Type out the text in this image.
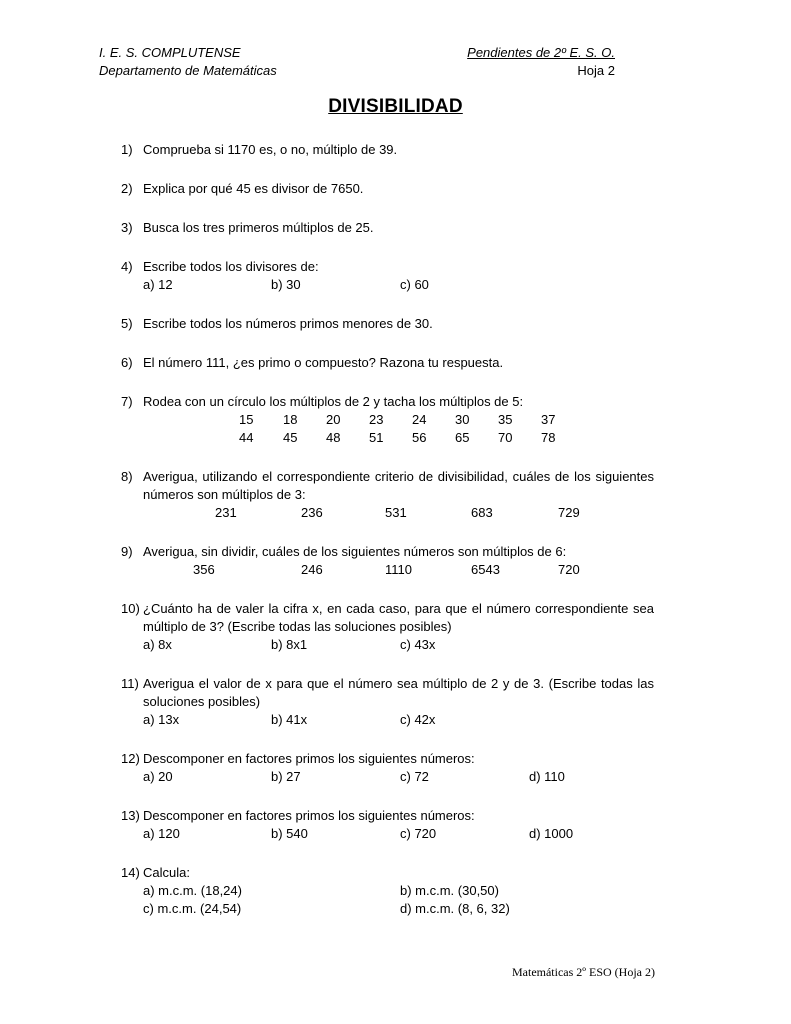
I. E. S. COMPLUTENSE
Departamento de Matemáticas
Pendientes de 2º E. S. O.
Hoja 2
DIVISIBILIDAD
1) Comprueba si 1170 es, o no, múltiplo de 39.
2) Explica por qué 45 es divisor de 7650.
3) Busca los tres primeros múltiplos de 25.
4) Escribe todos los divisores de:
a) 12	b) 30	c) 60
5) Escribe todos los números primos menores de 30.
6) El número 111, ¿es primo o compuesto? Razona tu respuesta.
7) Rodea con un círculo los múltiplos de 2 y tacha los múltiplos de 5:
15 18 20 23 24 30 35 37
44 45 48 51 56 65 70 78
8) Averigua, utilizando el correspondiente criterio de divisibilidad, cuáles de los siguientes números son múltiplos de 3:
231	236	531	683	729
9) Averigua, sin dividir, cuáles de los siguientes números son múltiplos de 6:
356	246	1110	6543	720
10) ¿Cuánto ha de valer la cifra x, en cada caso, para que el número correspondiente sea múltiplo de 3? (Escribe todas las soluciones posibles)
a) 8x	b) 8x1	c) 43x
11) Averigua el valor de x para que el número sea múltiplo de 2 y de 3. (Escribe todas las soluciones posibles)
a) 13x	b) 41x	c) 42x
12) Descomponer en factores primos los siguientes números:
a) 20	b) 27	c) 72	d) 110
13) Descomponer en factores primos los siguientes números:
a) 120	b) 540	c) 720	d) 1000
14) Calcula:
a) m.c.m. (18,24)	b) m.c.m. (30,50)
c) m.c.m. (24,54)	d) m.c.m. (8, 6, 32)
Matemáticas 2º ESO (Hoja 2)
